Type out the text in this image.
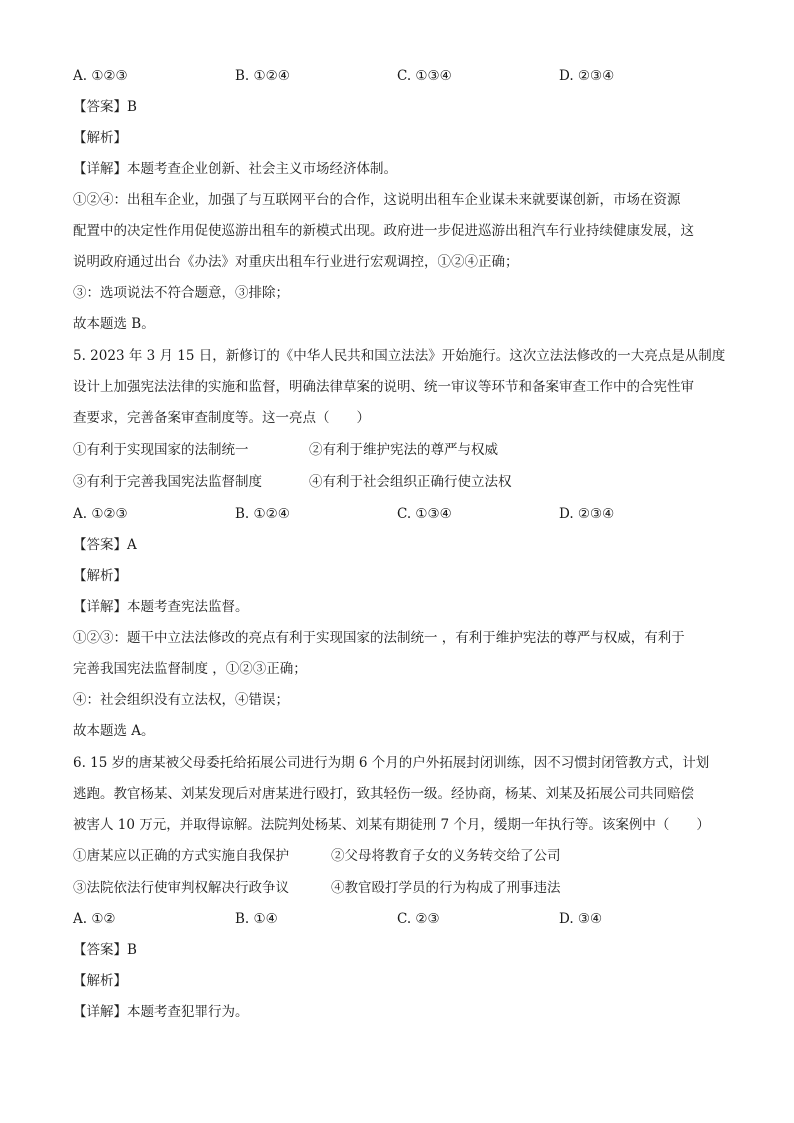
A. ①②③	B. ①②④	C. ①③④	D. ②③④
【答案】B
【解析】
【详解】本题考查企业创新、社会主义市场经济体制。
①②④：出租车企业，加强了与互联网平台的合作，这说明出租车企业谋未来就要谋创新，市场在资源
配置中的决定性作用促使巡游出租车的新模式出现。政府进一步促进巡游出租汽车行业持续健康发展，这
说明政府通过出台《办法》对重庆出租车行业进行宏观调控，①②④正确；
③：选项说法不符合题意，③排除；
故本题选 B。
5. 2023 年 3 月 15 日，新修订的《中华人民共和国立法法》开始施行。这次立法法修改的一大亮点是从制度
设计上加强宪法法律的实施和监督，明确法律草案的说明、统一审议等环节和备案审查工作中的合宪性审
查要求，完善备案审查制度等。这一亮点（　　）
①有利于实现国家的法制统一	②有利于维护宪法的尊严与权威
③有利于完善我国宪法监督制度	④有利于社会组织正确行使立法权
A. ①②③	B. ①②④	C. ①③④	D. ②③④
【答案】A
【解析】
【详解】本题考查宪法监督。
①②③：题干中立法法修改的亮点有利于实现国家的法制统一 ，有利于维护宪法的尊严与权威，有利于
完善我国宪法监督制度 ，①②③正确；
④：社会组织没有立法权，④错误；
故本题选 A。
6. 15 岁的唐某被父母委托给拓展公司进行为期 6 个月的户外拓展封闭训练，因不习惯封闭管教方式，计划
逃跑。教官杨某、刘某发现后对唐某进行殴打，致其轻伤一级。经协商，杨某、刘某及拓展公司共同赔偿
被害人 10 万元，并取得谅解。法院判处杨某、刘某有期徒刑 7 个月，缓期一年执行等。该案例中（　　）
①唐某应以正确的方式实施自我保护	②父母将教育子女的义务转交给了公司
③法院依法行使审判权解决行政争议	④教官殴打学员的行为构成了刑事违法
A. ①②	B. ①④	C. ②③	D. ③④
【答案】B
【解析】
【详解】本题考查犯罪行为。
